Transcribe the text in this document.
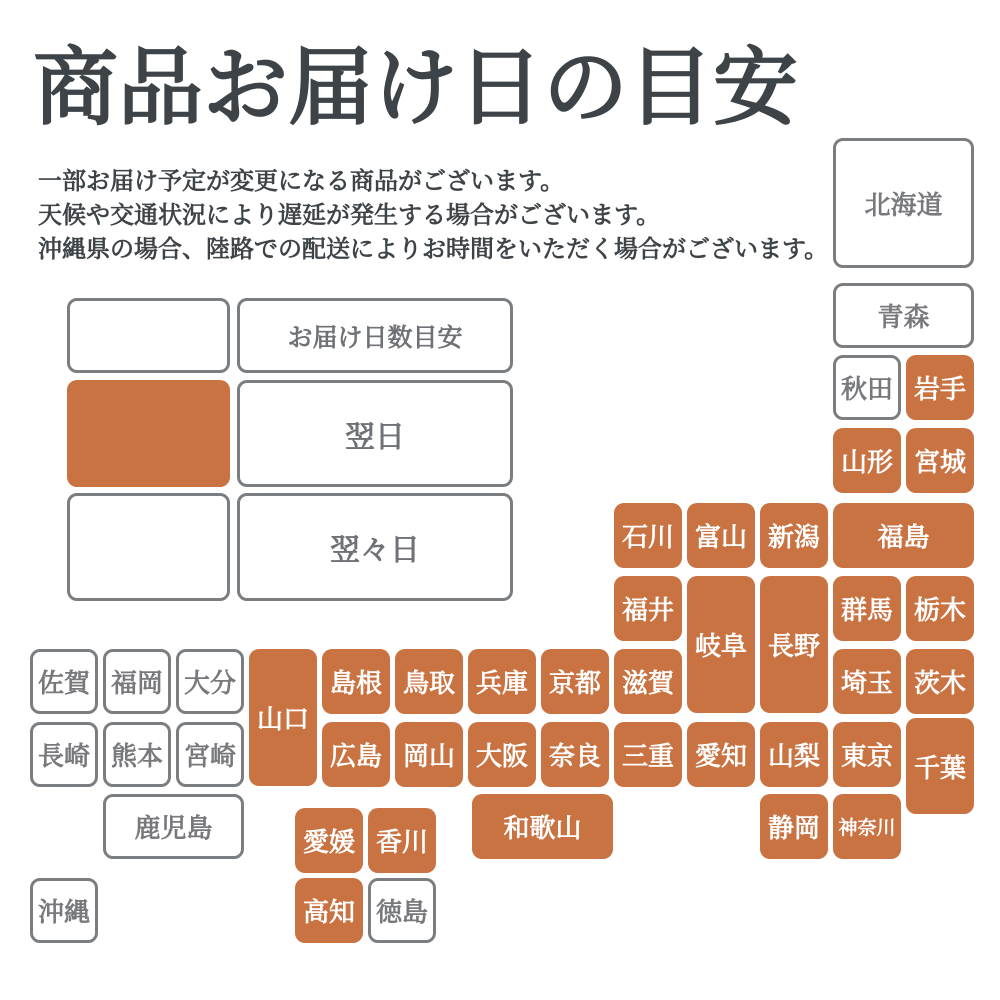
商品お届け日の目安
一部お届け予定が変更になる商品がございます。
天候や交通状況により遅延が発生する場合がございます。
沖縄県の場合、陸路での配送によりお時間をいただく場合がございます。
お届け日数目安
翌日
翌々日
北海道
青森
秋田 岩手
山形 宮城
石川 富山 新潟 福島
福井
岐阜 長野
群馬 栃木
佐賀 福岡 大分
山口
島根 鳥取 兵庫 京都 滋賀	埼玉 茨木
長崎 熊本 宮崎	広島 岡山 大阪 奈良 三重 愛知 山梨 東京 千葉
鹿児島	和歌山	静岡 神奈川
愛媛 香川
沖縄	高知 徳島
